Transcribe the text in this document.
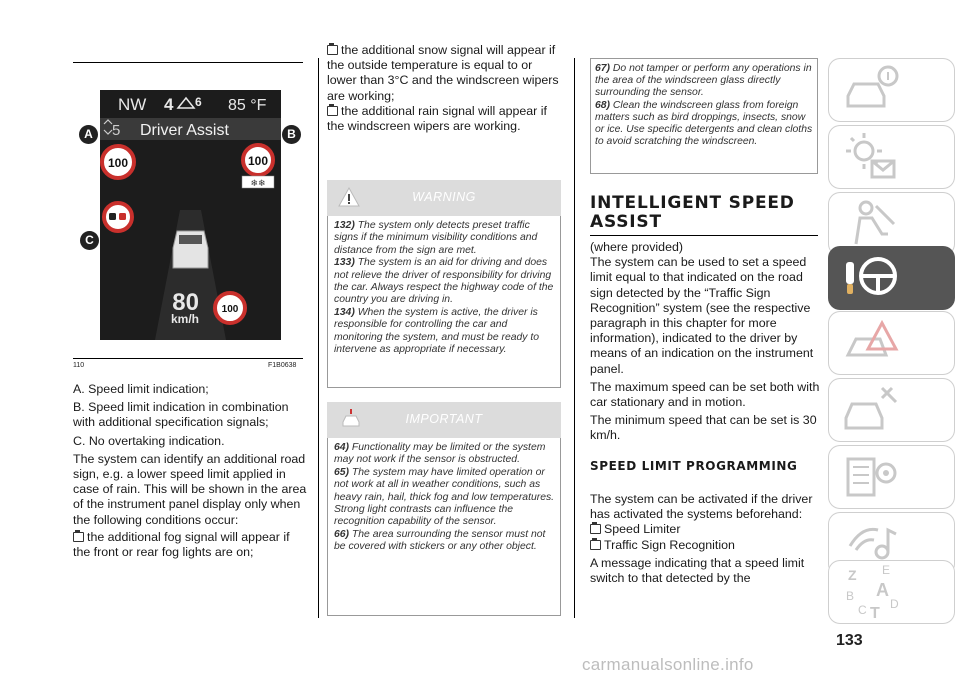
NW 4 6 85 °F
5 Driver Assist
100	100
❄❄
80
km/h
100
A	B
C
110	F1B0638

A. Speed limit indication;

B. Speed limit indication in combination with additional specification signals;

C. No overtaking indication.

The system can identify an additional road sign, e.g. a lower speed limit applied in case of rain. This will be shown in the area of the instrument panel display only when the following conditions occur:

the additional fog signal will appear if the front or rear fog lights are on;

the additional snow signal will appear if the outside temperature is equal to or lower than 3°C and the windscreen wipers are working;

the additional rain signal will appear if the windscreen wipers are working.

WARNING

132) The system only detects preset traffic signs if the minimum visibility conditions and distance from the sign are met.

133) The system is an aid for driving and does not relieve the driver of responsibility for driving the car. Always respect the highway code of the country you are driving in.

134) When the system is active, the driver is responsible for controlling the car and monitoring the system, and must be ready to intervene as appropriate if necessary.

IMPORTANT

64) Functionality may be limited or the system may not work if the sensor is obstructed.

65) The system may have limited operation or not work at all in weather conditions, such as heavy rain, hail, thick fog and low temperatures. Strong light contrasts can influence the recognition capability of the sensor.

66) The area surrounding the sensor must not be covered with stickers or any other object.

67) Do not tamper or perform any operations in the area of the windscreen glass directly surrounding the sensor.

68) Clean the windscreen glass from foreign matters such as bird droppings, insects, snow or ice. Use specific detergents and clean cloths to avoid scratching the windscreen.

INTELLIGENT SPEED ASSIST

(where provided)

The system can be used to set a speed limit equal to that indicated on the road sign detected by the “Traffic Sign Recognition” system (see the respective paragraph in this chapter for more information), indicated to the driver by means of an indication on the instrument panel.

The maximum speed can be set both with car stationary and in motion.

The minimum speed that can be set is 30 km/h.

SPEED LIMIT PROGRAMMING

The system can be activated if the driver has activated the systems beforehand:

Speed Limiter

Traffic Sign Recognition

A message indicating that a speed limit switch to that detected by the	Z E
B A
C T
D
133
carmanualsonline.info
